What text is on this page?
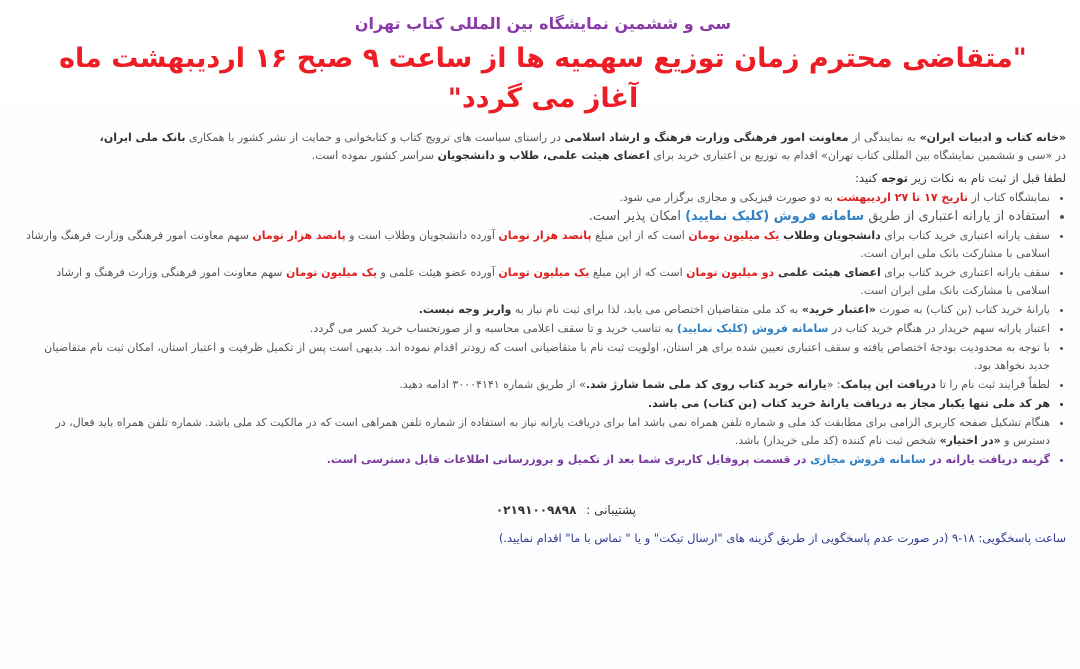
سی و ششمین نمایشگاه بین المللی کتاب تهران
"متقاضی محترم زمان توزیع سهمیه ها از ساعت ۹ صبح ۱۶ اردیبهشت ماه
آغاز می گردد"
«خانه کتاب و ادبیات ایران» به نمایندگی از معاونت امور فرهنگی وزارت فرهنگ و ارشاد اسلامی در راستای سیاست های ترویج کتاب و کتابخوانی و حمایت از نشر کشور با همکاری بانک ملی ایران،
در «سی و ششمین نمایشگاه بین المللی کتاب تهران» اقدام به توزیع بن اعتباری خرید برای اعضای هیئت علمی، طلاب و دانشجویان سراسر کشور نموده است.
لطفا قبل از ثبت نام به نکات زیر توجه کنید:
• نمایشگاه کتاب از تاریخ ۱۷ تا ۲۷ اردیبهشت به دو صورت فیزیکی و مجازی برگزار می شود.
• استفاده از یارانه اعتباری از طریق سامانه فروش (کلیک نمایید) امکان پذیر است.
• سقف یارانه اعتباری خرید کتاب برای دانشجویان وطلاب یک میلیون تومان است که از این مبلغ پانصد هزار تومان آورده دانشجویان وطلاب است و پانصد هزار تومان سهم معاونت امور فرهنگی وزارت فرهنگ وارشاد اسلامی با مشارکت بانک ملی ایران است.
• سقف یارانه اعتباری خرید کتاب برای اعضای هیئت علمی دو میلیون تومان است که از این مبلغ یک میلیون تومان آورده عضو هیئت علمی و یک میلیون تومان سهم معاونت امور فرهنگی وزارت فرهنگ و ارشاد اسلامی با مشارکت بانک ملی ایران است.
• یارانهٔ خرید کتاب (بن کتاب) به صورت «اعتبار خرید» به کد ملی متقاضیان اختصاص می یابد، لذا برای ثبت نام نیاز به واریز وجه نیست.
• اعتبار یارانه سهم خریدار در هنگام خرید کتاب در سامانه فروش (کلیک نمایید) به تناسب خرید و تا سقف اعلامی محاسبه و از صورتحساب خرید کسر می گردد.
• با توجه به محدودیت بودجهٔ اختصاص یافته و سقف اعتباری تعیین شده برای هر استان، اولویت ثبت نام با متقاضیانی است که زودتر اقدام نموده اند. بدیهی است پس از تکمیل ظرفیت و اعتبار استان، امکان ثبت نام متقاضیان جدید نخواهد بود.
• لطفاً فرایند ثبت نام را تا دریافت این پیامک: «یارانه خرید کتاب روی کد ملی شما شارژ شد.» از طریق شماره ۳۰۰۰۴۱۴۱ ادامه دهید.
• هر کد ملی تنها یکبار مجاز به دریافت یارانهٔ خرید کتاب (بن کتاب) می باشد.
• هنگام تشکیل صفحه کاربری الزامی برای مطابقت کد ملی و شماره تلفن همراه نمی باشد اما برای دریافت یارانه نیاز به استفاده از شماره تلفن همراهی است که در مالکیت کد ملی باشد. شماره تلفن همراه باید فعال، در دسترس و «در اختیار» شخص ثبت نام کننده (کد ملی خریدار) باشد.
• گزینه دریافت یارانه در سامانه فروش مجازی در قسمت پروفایل کاربری شما بعد از تکمیل و بروزرسانی اطلاعات قابل دسترسی است.
پشتیبانی : ۰۲۱۹۱۰۰۹۸۹۸
ساعت پاسخگویی: ۱۸-۹ (در صورت عدم پاسخگویی از طریق گزینه های "ارسال تیکت" و یا " تماس با ما" اقدام نمایید.)
